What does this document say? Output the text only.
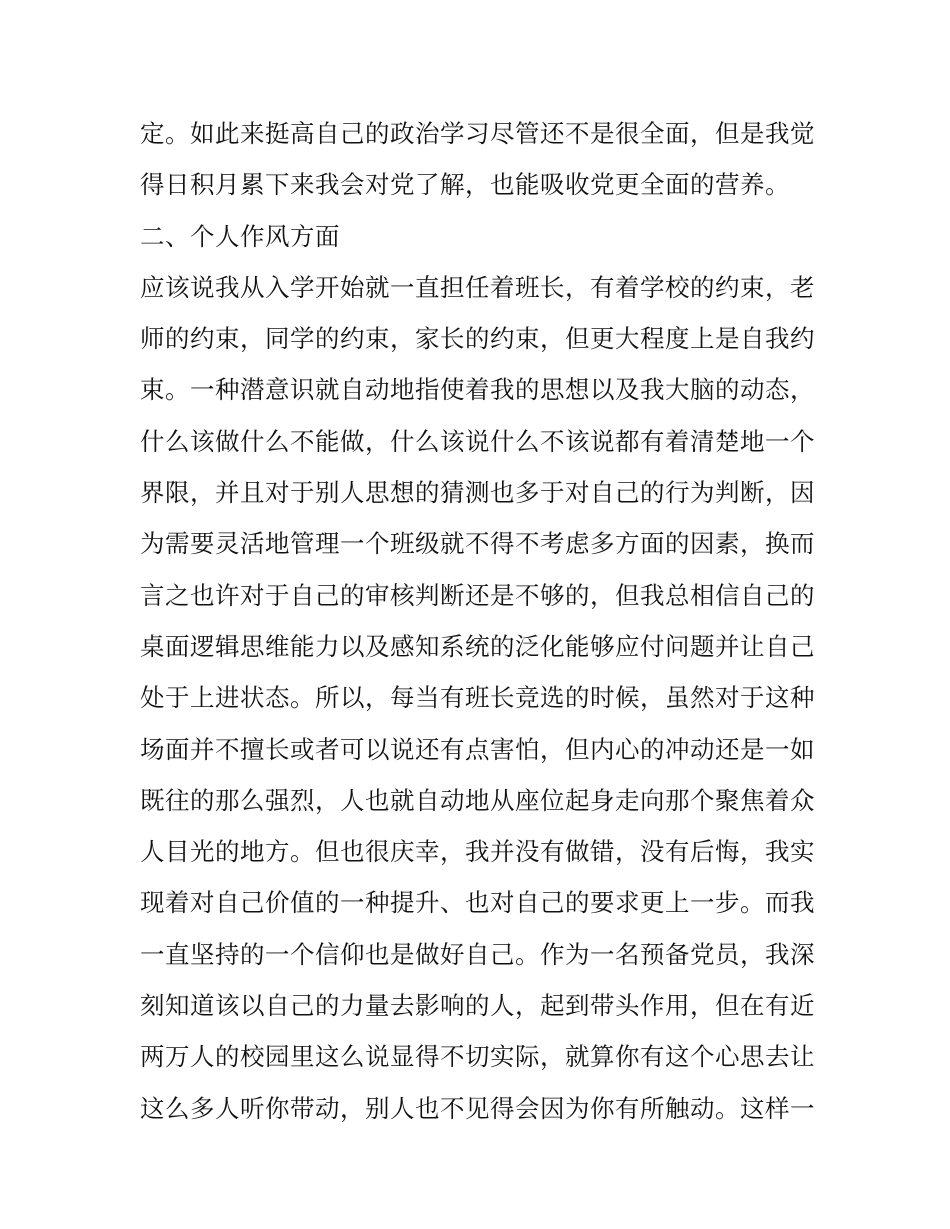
定。如此来挺高自己的政治学习尽管还不是很全面，但是我觉
得日积月累下来我会对党了解，也能吸收党更全面的营养。
二、个人作风方面
应该说我从入学开始就一直担任着班长，有着学校的约束，老
师的约束，同学的约束，家长的约束，但更大程度上是自我约
束。一种潜意识就自动地指使着我的思想以及我大脑的动态，
什么该做什么不能做，什么该说什么不该说都有着清楚地一个
界限，并且对于别人思想的猜测也多于对自己的行为判断，因
为需要灵活地管理一个班级就不得不考虑多方面的因素，换而
言之也许对于自己的审核判断还是不够的，但我总相信自己的
桌面逻辑思维能力以及感知系统的泛化能够应付问题并让自己
处于上进状态。所以，每当有班长竞选的时候，虽然对于这种
场面并不擅长或者可以说还有点害怕，但内心的冲动还是一如
既往的那么强烈，人也就自动地从座位起身走向那个聚焦着众
人目光的地方。但也很庆幸，我并没有做错，没有后悔，我实
现着对自己价值的一种提升、也对自己的要求更上一步。而我
一直坚持的一个信仰也是做好自己。作为一名预备党员，我深
刻知道该以自己的力量去影响的人，起到带头作用，但在有近
两万人的校园里这么说显得不切实际，就算你有这个心思去让
这么多人听你带动，别人也不见得会因为你有所触动。这样一
